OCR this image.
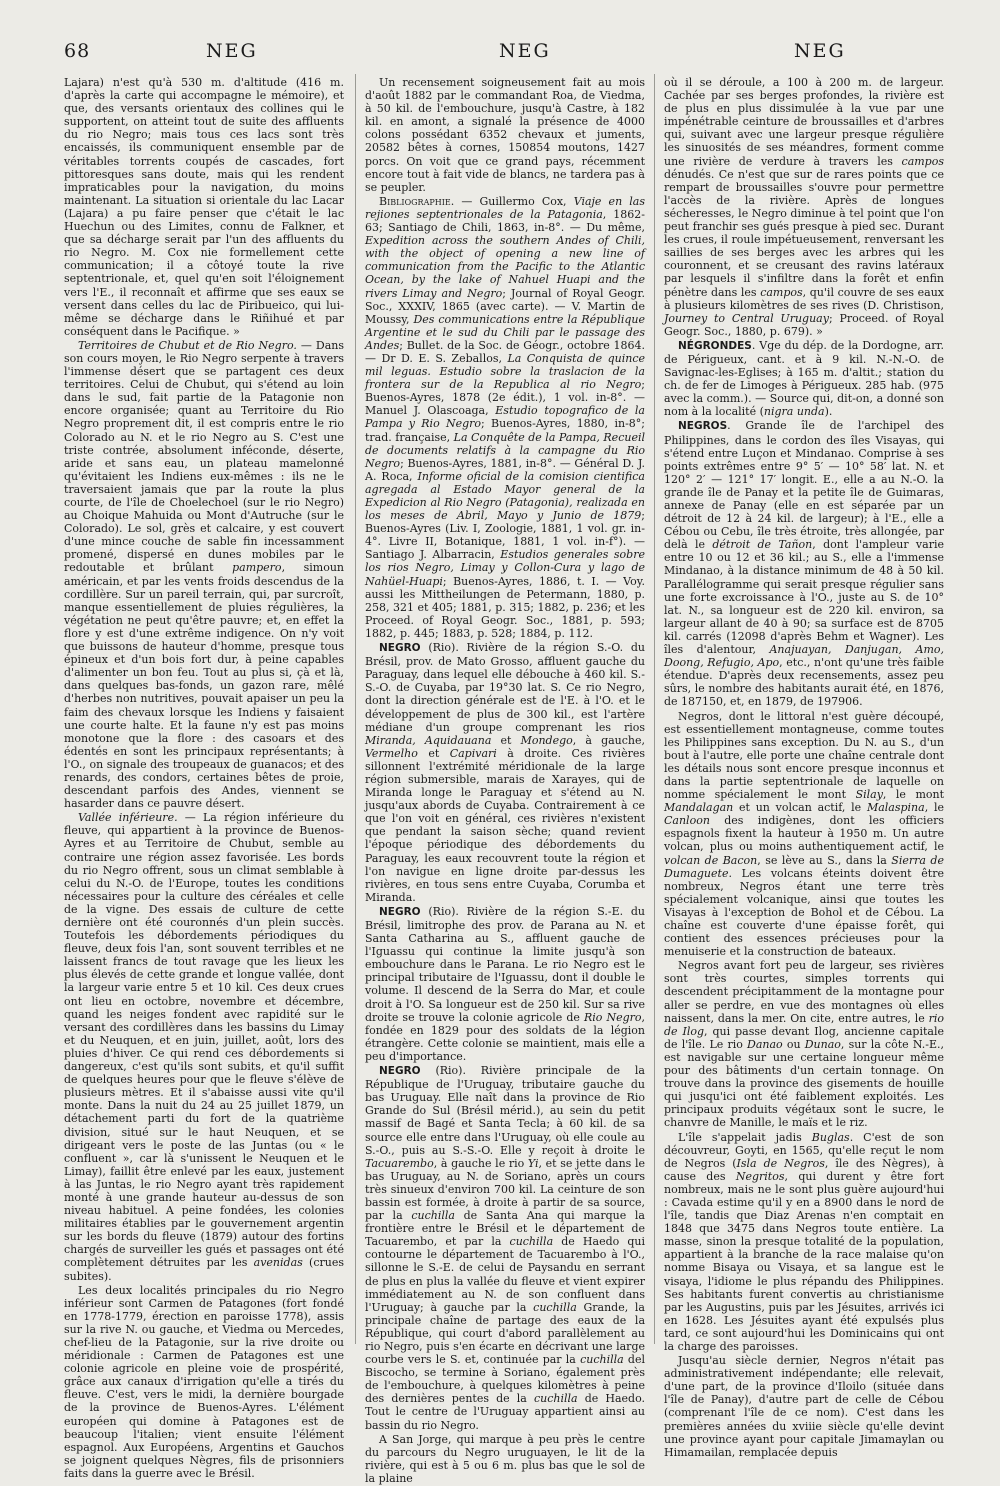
68	NEG	NEG	NEG

Lajara) n'est qu'à 530 m. d'altitude (416 m. d'après la carte qui accompagne le mémoire), et que, des versants orientaux des collines qui le supportent, on atteint tout de suite des affluents du rio Negro; mais tous ces lacs sont très encaissés, ils communiquent ensemble par de véritables torrents coupés de cascades, fort pittoresques sans doute, mais qui les rendent impraticables pour la navigation, du moins maintenant. La situation si orientale du lac Lacar (Lajara) a pu faire penser que c'était le lac Huechun ou des Limites, connu de Falkner, et que sa décharge serait par l'un des affluents du rio Negro. M. Cox nie formellement cette communication; il a côtoyé toute la rive septentrionale, et, quel qu'en soit l'éloignement vers l'E., il reconnaît et affirme que ses eaux se versent dans celles du lac de Piribueico, qui lui-même se décharge dans le Riñihué et par conséquent dans le Pacifique. »

Territoires de Chubut et de Rio Negro. — Dans son cours moyen, le Rio Negro serpente à travers l'immense désert que se partagent ces deux territoires. Celui de Chubut, qui s'étend au loin dans le sud, fait partie de la Patagonie non encore organisée; quant au Territoire du Rio Negro proprement dit, il est compris entre le rio Colorado au N. et le rio Negro au S. C'est une triste contrée, absolument inféconde, déserte, aride et sans eau, un plateau mamelonné qu'évitaient les Indiens eux-mêmes : ils ne le traversaient jamais que par la route la plus courte, de l'île de Choelechoel (sur le rio Negro) au Choique Mahuida ou Mont d'Autruche (sur le Colorado). Le sol, grès et calcaire, y est couvert d'une mince couche de sable fin incessamment promené, dispersé en dunes mobiles par le redoutable et brûlant pampero, simoun américain, et par les vents froids descendus de la cordillère. Sur un pareil terrain, qui, par surcroît, manque essentiellement de pluies régulières, la végétation ne peut qu'être pauvre; et, en effet la flore y est d'une extrême indigence. On n'y voit que buissons de hauteur d'homme, presque tous épineux et d'un bois fort dur, à peine capables d'alimenter un bon feu. Tout au plus si, çà et là, dans quelques bas-fonds, un gazon rare, mêlé d'herbes non nutritives, pouvait apaiser un peu la faim des chevaux lorsque les Indiens y faisaient une courte halte. Et la faune n'y est pas moins monotone que la flore : des casoars et des édentés en sont les principaux représentants; à l'O., on signale des troupeaux de guanacos; et des renards, des condors, certaines bêtes de proie, descendant parfois des Andes, viennent se hasarder dans ce pauvre désert.

Vallée inférieure. — La région inférieure du fleuve, qui appartient à la province de Buenos-Ayres et au Territoire de Chubut, semble au contraire une région assez favorisée. Les bords du rio Negro offrent, sous un climat semblable à celui du N.-O. de l'Europe, toutes les conditions nécessaires pour la culture des céréales et celle de la vigne. Des essais de culture de cette dernière ont été couronnés d'un plein succès. Toutefois les débordements périodiques du fleuve, deux fois l'an, sont souvent terribles et ne laissent francs de tout ravage que les lieux les plus élevés de cette grande et longue vallée, dont la largeur varie entre 5 et 10 kil. Ces deux crues ont lieu en octobre, novembre et décembre, quand les neiges fondent avec rapidité sur le versant des cordillères dans les bassins du Limay et du Neuquen, et en juin, juillet, août, lors des pluies d'hiver. Ce qui rend ces débordements si dangereux, c'est qu'ils sont subits, et qu'il suffit de quelques heures pour que le fleuve s'élève de plusieurs mètres. Et il s'abaisse aussi vite qu'il monte. Dans la nuit du 24 au 25 juillet 1879, un détachement parti du fort de la quatrième division, situé sur le haut Neuquen, et se dirigeant vers le poste de las Juntas (ou « le confluent », car là s'unissent le Neuquen et le Limay), faillit être enlevé par les eaux, justement à las Juntas, le rio Negro ayant très rapidement monté à une grande hauteur au-dessus de son niveau habituel. A peine fondées, les colonies militaires établies par le gouvernement argentin sur les bords du fleuve (1879) autour des fortins chargés de surveiller les gués et passages ont été complètement détruites par les avenidas (crues subites).

Les deux localités principales du rio Negro inférieur sont Carmen de Patagones (fort fondé en 1778-1779, érection en paroisse 1778), assis sur la rive N. ou gauche, et Viedma ou Mercedes, chef-lieu de la Patagonie, sur la rive droite ou méridionale : Carmen de Patagones est une colonie agricole en pleine voie de prospérité, grâce aux canaux d'irrigation qu'elle a tirés du fleuve. C'est, vers le midi, la dernière bourgade de la province de Buenos-Ayres. L'élément européen qui domine à Patagones est de beaucoup l'italien; vient ensuite l'élément espagnol. Aux Européens, Argentins et Gauchos se joignent quelques Nègres, fils de prisonniers faits dans la guerre avec le Brésil.

Un recensement soigneusement fait au mois d'août 1882 par le commandant Roa, de Viedma, à 50 kil. de l'embouchure, jusqu'à Castre, à 182 kil. en amont, a signalé la présence de 4000 colons possédant 6352 chevaux et juments, 20582 bêtes à cornes, 150854 moutons, 1427 porcs. On voit que ce grand pays, récemment encore tout à fait vide de blancs, ne tardera pas à se peupler.

Bibliographie. — Guillermo Cox, Viaje en las rejiones septentrionales de la Patagonia, 1862-63; Santiago de Chili, 1863, in-8°. — Du même, Expedition across the southern Andes of Chili, with the object of opening a new line of communication from the Pacific to the Atlantic Ocean, by the lake of Nahuel Huapi and the rivers Limay and Negro; Journal of Royal Geogr. Soc., XXXIV, 1865 (avec carte). — V. Martin de Moussy, Des communications entre la République Argentine et le sud du Chili par le passage des Andes; Bullet. de la Soc. de Géogr., octobre 1864. — Dr D. E. S. Zeballos, La Conquista de quince mil leguas. Estudio sobre la traslacion de la frontera sur de la Republica al rio Negro; Buenos-Ayres, 1878 (2e édit.), 1 vol. in-8°. — Manuel J. Olascoaga, Estudio topografico de la Pampa y Rio Negro; Buenos-Ayres, 1880, in-8°; trad. française, La Conquête de la Pampa, Recueil de documents relatifs à la campagne du Rio Negro; Buenos-Ayres, 1881, in-8°. — Général D. J. A. Roca, Informe oficial de la comision cientifica agregada al Estado Mayor general de la Expedicion al Rio Negro (Patagonia), realizada en los meses de Abril, Mayo y Junio de 1879; Buenos-Ayres (Liv. I, Zoologie, 1881, 1 vol. gr. in-4°. Livre II, Botanique, 1881, 1 vol. in-f°). — Santiago J. Albarracin, Estudios generales sobre los rios Negro, Limay y Collon-Cura y lago de Nahüel-Huapi; Buenos-Ayres, 1886, t. I. — Voy. aussi les Mittheilungen de Petermann, 1880, p. 258, 321 et 405; 1881, p. 315; 1882, p. 236; et les Proceed. of Royal Geogr. Soc., 1881, p. 593; 1882, p. 445; 1883, p. 528; 1884, p. 112.

NEGRO (Rio). Rivière de la région S.-O. du Brésil, prov. de Mato Grosso, affluent gauche du Paraguay, dans lequel elle débouche à 460 kil. S.-S.-O. de Cuyaba, par 19°30 lat. S. Ce rio Negro, dont la direction générale est de l'E. à l'O. et le développement de plus de 300 kil., est l'artère médiane d'un groupe comprenant les rios Miranda, Aquidauana et Mondego, à gauche, Vermelho et Capivari à droite. Ces rivières sillonnent l'extrémité méridionale de la large région submersible, marais de Xarayes, qui de Miranda longe le Paraguay et s'étend au N. jusqu'aux abords de Cuyaba. Contrairement à ce que l'on voit en général, ces rivières n'existent que pendant la saison sèche; quand revient l'époque périodique des débordements du Paraguay, les eaux recouvrent toute la région et l'on navigue en ligne droite par-dessus les rivières, en tous sens entre Cuyaba, Corumba et Miranda.

NEGRO (Rio). Rivière de la région S.-E. du Brésil, limitrophe des prov. de Parana au N. et Santa Catharina au S., affluent gauche de l'Iguassu qui continue la limite jusqu'à son embouchure dans le Parana. Le rio Negro est le principal tributaire de l'Iguassu, dont il double le volume. Il descend de la Serra do Mar, et coule droit à l'O. Sa longueur est de 250 kil. Sur sa rive droite se trouve la colonie agricole de Rio Negro, fondée en 1829 pour des soldats de la légion étrangère. Cette colonie se maintient, mais elle a peu d'importance.

NEGRO (Rio). Rivière principale de la République de l'Uruguay, tributaire gauche du bas Uruguay. Elle naît dans la province de Rio Grande do Sul (Brésil mérid.), au sein du petit massif de Bagé et Santa Tecla; à 60 kil. de sa source elle entre dans l'Uruguay, où elle coule au S.-O., puis au S.-S.-O. Elle y reçoit à droite le Tacuarembo, à gauche le rio Yi, et se jette dans le bas Uruguay, au N. de Soriano, après un cours très sinueux d'environ 700 kil. La ceinture de son bassin est formée, à droite à partir de sa source, par la cuchilla de Santa Ana qui marque la frontière entre le Brésil et le département de Tacuarembo, et par la cuchilla de Haedo qui contourne le département de Tacuarembo à l'O., sillonne le S.-E. de celui de Paysandu en serrant de plus en plus la vallée du fleuve et vient expirer immédiatement au N. de son confluent dans l'Uruguay; à gauche par la cuchilla Grande, la principale chaîne de partage des eaux de la République, qui court d'abord parallèlement au rio Negro, puis s'en écarte en décrivant une large courbe vers le S. et, continuée par la cuchilla del Biscocho, se termine à Soriano, également près de l'embouchure, à quelques kilomètres à peine des dernières pentes de la cuchilla de Haedo. Tout le centre de l'Uruguay appartient ainsi au bassin du rio Negro.

A San Jorge, qui marque à peu près le centre du parcours du Negro uruguayen, le lit de la rivière, qui est à 5 ou 6 m. plus bas que le sol de la plaine

où il se déroule, a 100 à 200 m. de largeur. Cachée par ses berges profondes, la rivière est de plus en plus dissimulée à la vue par une impénétrable ceinture de broussailles et d'arbres qui, suivant avec une largeur presque régulière les sinuosités de ses méandres, forment comme une rivière de verdure à travers les campos dénudés. Ce n'est que sur de rares points que ce rempart de broussailles s'ouvre pour permettre l'accès de la rivière. Après de longues sécheresses, le Negro diminue à tel point que l'on peut franchir ses gués presque à pied sec. Durant les crues, il roule impétueusement, renversant les saillies de ses berges avec les arbres qui les couronnent, et se creusant des ravins latéraux par lesquels il s'infiltre dans la forêt et enfin pénètre dans les campos, qu'il couvre de ses eaux à plusieurs kilomètres de ses rives (D. Christison, Journey to Central Uruguay; Proceed. of Royal Geogr. Soc., 1880, p. 679). »

NÉGRONDES. Vge du dép. de la Dordogne, arr. de Périgueux, cant. et à 9 kil. N.-N.-O. de Savignac-les-Eglises; à 165 m. d'altit.; station du ch. de fer de Limoges à Périgueux. 285 hab. (975 avec la comm.). — Source qui, dit-on, a donné son nom à la localité (nigra unda).

NEGROS. Grande île de l'archipel des Philippines, dans le cordon des îles Visayas, qui s'étend entre Luçon et Mindanao. Comprise à ses points extrêmes entre 9° 5′ — 10° 58′ lat. N. et 120° 2′ — 121° 17′ longit. E., elle a au N.-O. la grande île de Panay et la petite île de Guimaras, annexe de Panay (elle en est séparée par un détroit de 12 à 24 kil. de largeur); à l'E., elle a Cébou ou Cebu, île très étroite, très allongée, par delà le détroit de Tañon, dont l'ampleur varie entre 10 ou 12 et 36 kil.; au S., elle a l'immense Mindanao, à la distance minimum de 48 à 50 kil. Parallélogramme qui serait presque régulier sans une forte excroissance à l'O., juste au S. de 10° lat. N., sa longueur est de 220 kil. environ, sa largeur allant de 40 à 90; sa surface est de 8705 kil. carrés (12098 d'après Behm et Wagner). Les îles d'alentour, Anajuayan, Danjugan, Amo, Doong, Refugio, Apo, etc., n'ont qu'une très faible étendue. D'après deux recensements, assez peu sûrs, le nombre des habitants aurait été, en 1876, de 187150, et, en 1879, de 197906.

Negros, dont le littoral n'est guère découpé, est essentiellement montagneuse, comme toutes les Philippines sans exception. Du N. au S., d'un bout à l'autre, elle porte une chaîne centrale dont les détails nous sont encore presque inconnus et dans la partie septentrionale de laquelle on nomme spécialement le mont Silay, le mont Mandalagan et un volcan actif, le Malaspina, le Canloon des indigènes, dont les officiers espagnols fixent la hauteur à 1950 m. Un autre volcan, plus ou moins authentiquement actif, le volcan de Bacon, se lève au S., dans la Sierra de Dumaguete. Les volcans éteints doivent être nombreux, Negros étant une terre très spécialement volcanique, ainsi que toutes les Visayas à l'exception de Bohol et de Cébou. La chaîne est couverte d'une épaisse forêt, qui contient des essences précieuses pour la menuiserie et la construction de bateaux.

Negros avant fort peu de largeur, ses rivières sont très courtes, simples torrents qui descendent précipitamment de la montagne pour aller se perdre, en vue des montagnes où elles naissent, dans la mer. On cite, entre autres, le rio de Ilog, qui passe devant Ilog, ancienne capitale de l'île. Le rio Danao ou Dunao, sur la côte N.-E., est navigable sur une certaine longueur même pour des bâtiments d'un certain tonnage. On trouve dans la province des gisements de houille qui jusqu'ici ont été faiblement exploités. Les principaux produits végétaux sont le sucre, le chanvre de Manille, le maïs et le riz.

L'île s'appelait jadis Buglas. C'est de son découvreur, Goyti, en 1565, qu'elle reçut le nom de Negros (Isla de Negros, île des Nègres), à cause des Negritos, qui durent y être fort nombreux, mais ne le sont plus guère aujourd'hui : Cavada estime qu'il y en a 8900 dans le nord de l'île, tandis que Diaz Arenas n'en comptait en 1848 que 3475 dans Negros toute entière. La masse, sinon la presque totalité de la population, appartient à la branche de la race malaise qu'on nomme Bisaya ou Visaya, et sa langue est le visaya, l'idiome le plus répandu des Philippines. Ses habitants furent convertis au christianisme par les Augustins, puis par les Jésuites, arrivés ici en 1628. Les Jésuites ayant été expulsés plus tard, ce sont aujourd'hui les Dominicains qui ont la charge des paroisses.

Jusqu'au siècle dernier, Negros n'était pas administrativement indépendante; elle relevait, d'une part, de la province d'Iloilo (située dans l'île de Panay), d'autre part de celle de Cébou (comprenant l'île de ce nom). C'est dans les premières années du xviiie siècle qu'elle devint une province ayant pour capitale Jimamaylan ou Himamailan, remplacée depuis
